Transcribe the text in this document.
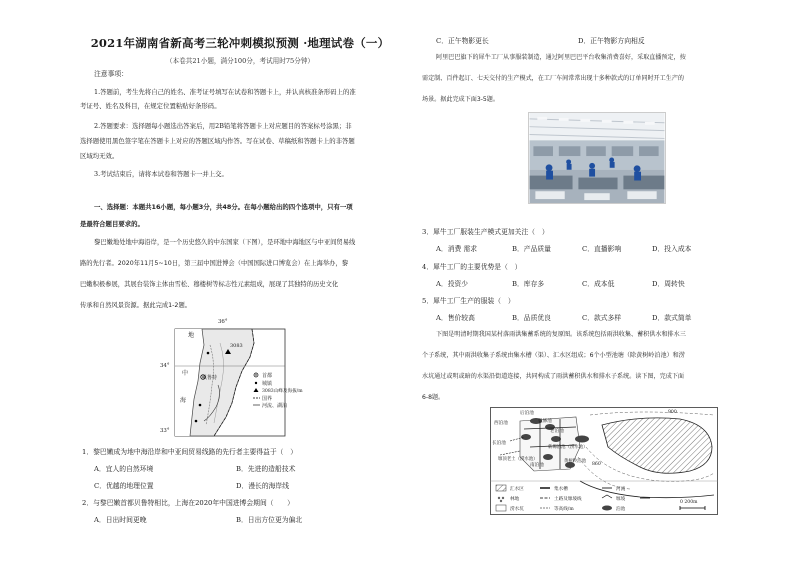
2021年湖南省新高考三轮冲刺模拟预测 ·地理试卷（一）
（本卷共21小题，满分100分，考试用时75分钟）
注意事项：
1.答题前，考生先将自己的姓名、准考证号填写在试卷和答题卡上，并认真核准条形码上的准
考证号、姓名及科目，在规定位置粘贴好条形码。
2.答题要求：选择题每小题选出答案后，用2B铅笔将答题卡上对应题目的答案标号涂黑；非
选择题使用黑色签字笔在答题卡上对应的答题区域内作答。写在试卷、草稿纸和答题卡上的非答题
区域均无效。
3.考试结束后，请将本试卷和答题卡一并上交。
一、选择题：本题共16小题，每小题3分，共48分。在每小题给出的四个选项中，只有一项
是最符合题目要求的。
黎巴嫩地处地中海沿岸，是一个历史悠久的中东国家（下图），是环地中海地区与中亚间贸易线
路的先行者。2020年11月5~10日，第三届中国进博会（中国国际进口博览会）在上海举办，黎
巴嫩积极参展，其展台装饰主体由雪松、穆楼树等标志性元素组成，展现了其独特的历史文化
传承和自然风景资源。据此完成1-2题。
36°
34°
33°
地
中
海
贝鲁特
3083
首都
城镇
3083山峰及海拔/m
国界
河流、湖泊
1．黎巴嫩成为地中海沿岸和中亚间贸易线路的先行者主要得益于（　）
A．宜人的自然环境	B．先进的造船技术
C．优越的地理位置	D．漫长的海岸线
2．与黎巴嫩首都贝鲁特相比，上海在2020年中国进博会期间（　　）
A．日出时间更晚	B．日出方位更为偏北
C．正午物影更长	D．正午物影方向相反
阿里巴巴旗下的犀牛工厂从事服装制造，通过阿里巴巴平台收集消费喜好，采取直播预定，按
需定制、百件起订、七天交付的生产模式，在工厂车间常常出现十多种款式的订单同时开工生产的
场景。据此完成下面3-5题。
3．犀牛工厂服装生产模式更加关注（　）
A．消费 需求	B．产品质量	C．直播影响	D．投入成本
4．犀牛工厂的主要优势是（　）
A．投资少	B．库存多	C．成本低	D．周转快
5．犀牛工厂生产的服装（　）
A．售价较高	B．品质优良	C．款式多样	D．款式简单
下图是明清时期我国某村落雨洪集蓄系统的复原图。该系统包括雨洪收集、蓄积供水和排水三
个子系统，其中雨洪收集子系统由集水槽（渠）、汇水区组成；6个小型池塘（除黄树岭泊池）和涝
水坑通过或明或暗的水渠沿街道连接，共同构成了雨洪蓄积供水和排水子系统。读下图，完成下面
6-8题。
后泊池
机修池
西泊池
老泊池
长泊池
黄树岭泊池
新塬泊池（涝水池）
塬顶老土（涝水池）
南泊池
900
860
汇水区
林地
涝水坑
集水槽
土路及塬坡线
等高线/m
河流
塬坡
泊池
0 200m
